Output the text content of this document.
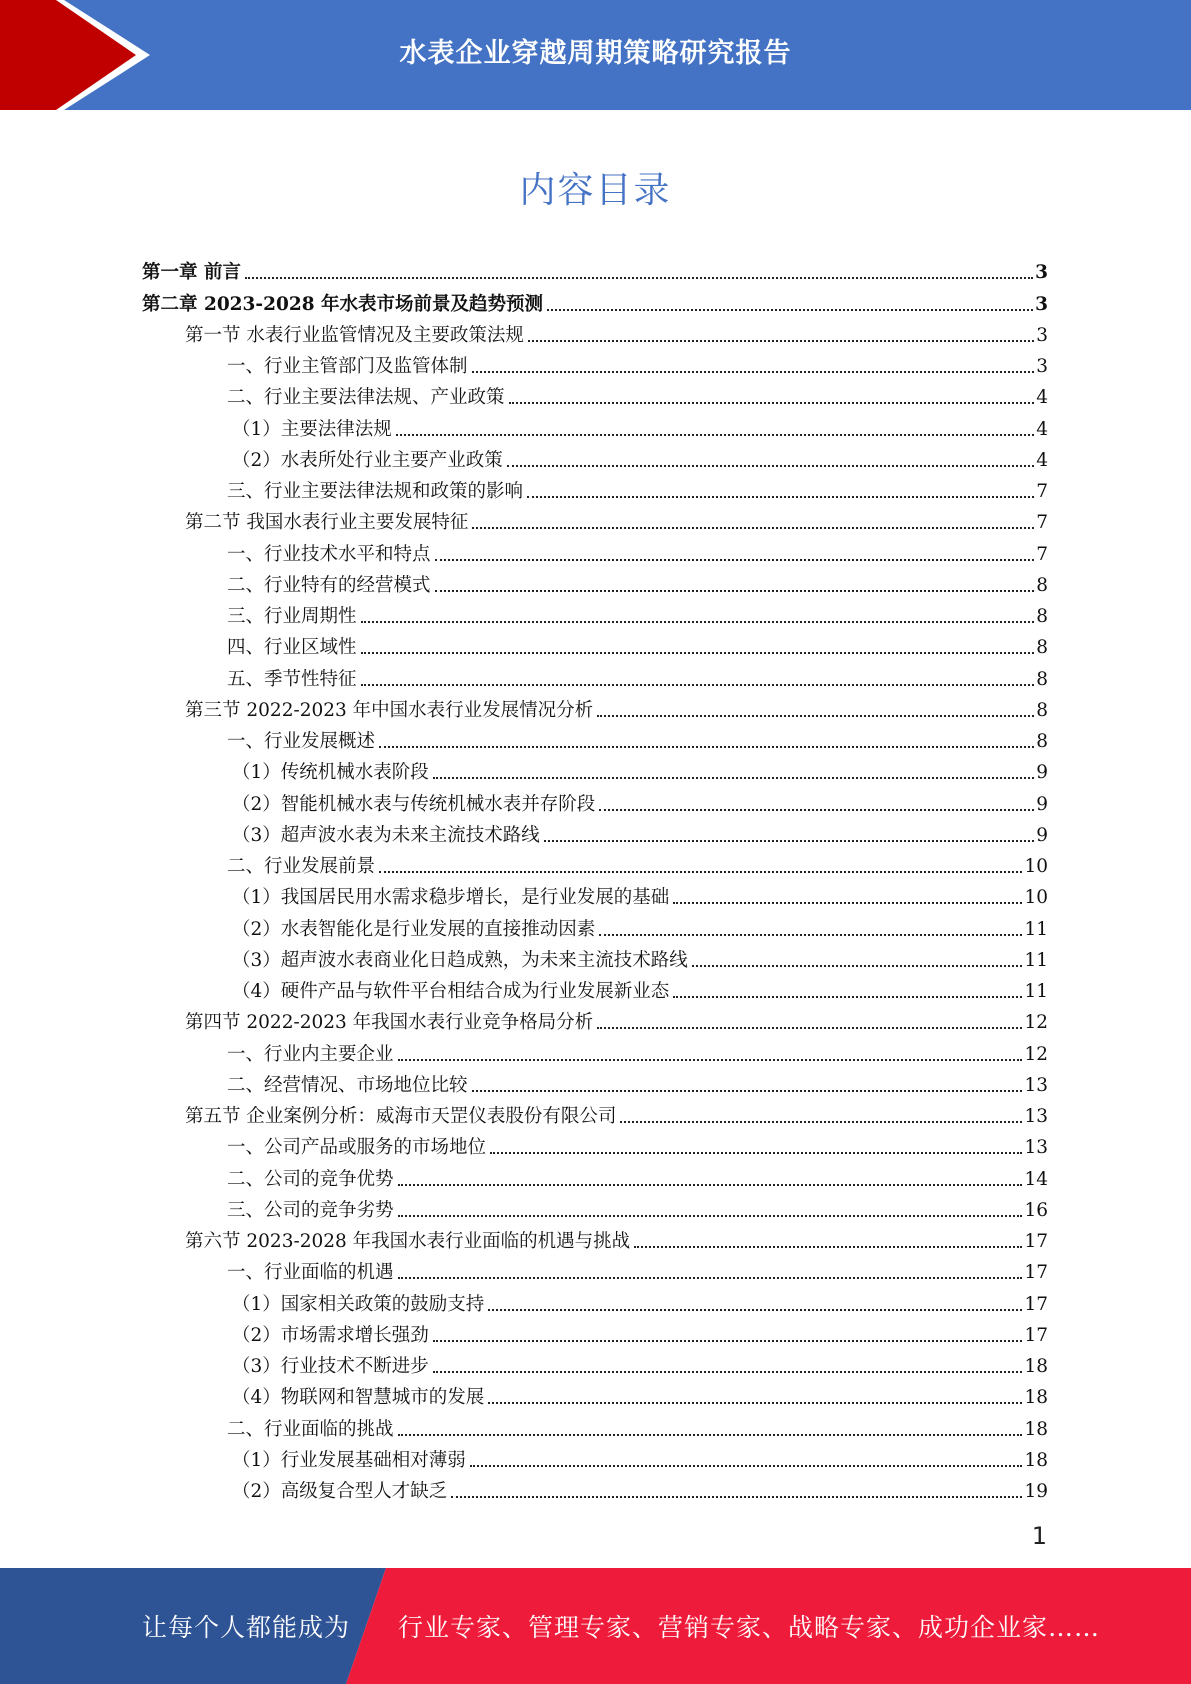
水表企业穿越周期策略研究报告
内容目录
第一章 前言	3
第二章 2023-2028 年水表市场前景及趋势预测	3
第一节 水表行业监管情况及主要政策法规	3
一、行业主管部门及监管体制	3
二、行业主要法律法规、产业政策	4
（1）主要法律法规	4
（2）水表所处行业主要产业政策	4
三、行业主要法律法规和政策的影响	7
第二节 我国水表行业主要发展特征	7
一、行业技术水平和特点	7
二、行业特有的经营模式	8
三、行业周期性	8
四、行业区域性	8
五、季节性特征	8
第三节 2022-2023 年中国水表行业发展情况分析	8
一、行业发展概述	8
（1）传统机械水表阶段	9
（2）智能机械水表与传统机械水表并存阶段	9
（3）超声波水表为未来主流技术路线	9
二、行业发展前景	10
（1）我国居民用水需求稳步增长，是行业发展的基础	10
（2）水表智能化是行业发展的直接推动因素	11
（3）超声波水表商业化日趋成熟，为未来主流技术路线	11
（4）硬件产品与软件平台相结合成为行业发展新业态	11
第四节 2022-2023 年我国水表行业竞争格局分析	12
一、行业内主要企业	12
二、经营情况、市场地位比较	13
第五节 企业案例分析：威海市天罡仪表股份有限公司	13
一、公司产品或服务的市场地位	13
二、公司的竞争优势	14
三、公司的竞争劣势	16
第六节 2023-2028 年我国水表行业面临的机遇与挑战	17
一、行业面临的机遇	17
（1）国家相关政策的鼓励支持	17
（2）市场需求增长强劲	17
（3）行业技术不断进步	18
（4）物联网和智慧城市的发展	18
二、行业面临的挑战	18
（1）行业发展基础相对薄弱	18
（2）高级复合型人才缺乏	19
1
让每个人都能成为 行业专家、管理专家、营销专家、战略专家、成功企业家……
